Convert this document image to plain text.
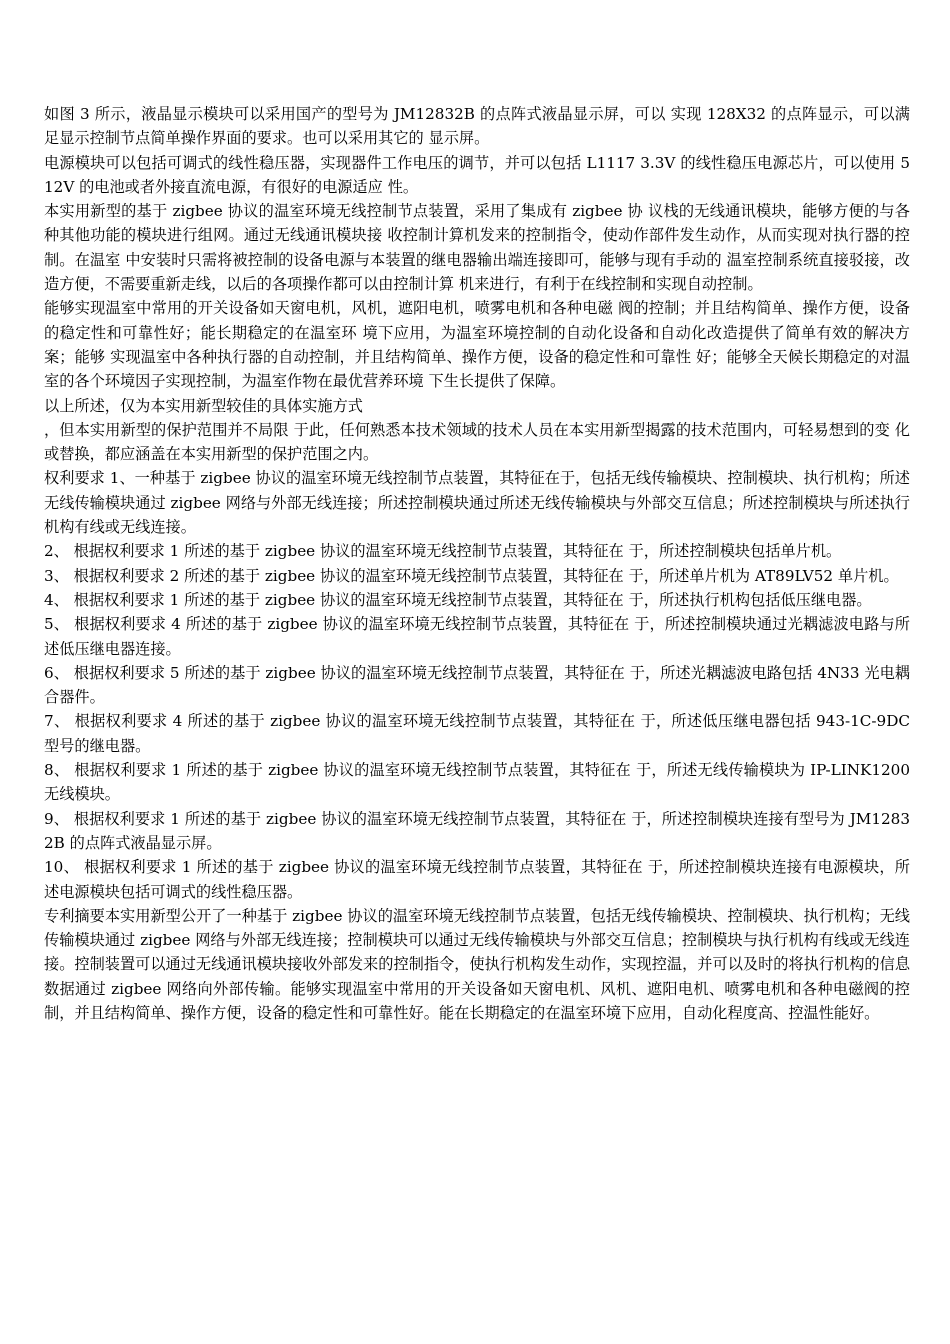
如图 3 所示，液晶显示模块可以采用国产的型号为 JM12832B 的点阵式液晶显示屏，可以 实现 128X32 的点阵显示，可以满足显示控制节点简单操作界面的要求。也可以采用其它的 显示屏。

电源模块可以包括可调式的线性稳压器，实现器件工作电压的调节，并可以包括 L1117 3.3V 的线性稳压电源芯片，可以使用 5 12V 的电池或者外接直流电源，有很好的电源适应 性。

本实用新型的基于 zigbee 协议的温室环境无线控制节点装置，采用了集成有 zigbee 协 议栈的无线通讯模块，能够方便的与各种其他功能的模块进行组网。通过无线通讯模块接 收控制计算机发来的控制指令，使动作部件发生动作，从而实现对执行器的控制。在温室 中安装时只需将被控制的设备电源与本装置的继电器输出端连接即可，能够与现有手动的 温室控制系统直接驳接，改造方便，不需要重新走线，以后的各项操作都可以由控制计算 机来进行，有利于在线控制和实现自动控制。

能够实现温室中常用的开关设备如天窗电机，风机，遮阳电机，喷雾电机和各种电磁 阀的控制；并且结构简单、操作方便，设备的稳定性和可靠性好；能长期稳定的在温室环 境下应用，为温室环境控制的自动化设备和自动化改造提供了简单有效的解决方案；能够 实现温室中各种执行器的自动控制，并且结构简单、操作方便，设备的稳定性和可靠性 好；能够全天候长期稳定的对温室的各个环境因子实现控制，为温室作物在最优营养环境 下生长提供了保障。

以上所述，仅为本实用新型较佳的具体实施方式

，但本实用新型的保护范围并不局限 于此，任何熟悉本技术领域的技术人员在本实用新型揭露的技术范围内，可轻易想到的变 化或替换，都应涵盖在本实用新型的保护范围之内。

权利要求 1、一种基于 zigbee 协议的温室环境无线控制节点装置，其特征在于，包括无线传输模块、控制模块、执行机构；所述无线传输模块通过 zigbee 网络与外部无线连接；所述控制模块通过所述无线传输模块与外部交互信息；所述控制模块与所述执行机构有线或无线连接。

2、 根据权利要求 1 所述的基于 zigbee 协议的温室环境无线控制节点装置，其特征在 于，所述控制模块包括单片机。

3、 根据权利要求 2 所述的基于 zigbee 协议的温室环境无线控制节点装置，其特征在 于，所述单片机为 AT89LV52 单片机。

4、 根据权利要求 1 所述的基于 zigbee 协议的温室环境无线控制节点装置，其特征在 于，所述执行机构包括低压继电器。

5、 根据权利要求 4 所述的基于 zigbee 协议的温室环境无线控制节点装置，其特征在 于，所述控制模块通过光耦滤波电路与所述低压继电器连接。

6、 根据权利要求 5 所述的基于 zigbee 协议的温室环境无线控制节点装置，其特征在 于，所述光耦滤波电路包括 4N33 光电耦合器件。

7、 根据权利要求 4 所述的基于 zigbee 协议的温室环境无线控制节点装置，其特征在 于，所述低压继电器包括 943-1C-9DC 型号的继电器。

8、 根据权利要求 1 所述的基于 zigbee 协议的温室环境无线控制节点装置，其特征在 于，所述无线传输模块为 IP-LINK1200 无线模块。

9、 根据权利要求 1 所述的基于 zigbee 协议的温室环境无线控制节点装置，其特征在 于，所述控制模块连接有型号为 JM12832B 的点阵式液晶显示屏。

10、 根据权利要求 1 所述的基于 zigbee 协议的温室环境无线控制节点装置，其特征在 于，所述控制模块连接有电源模块，所述电源模块包括可调式的线性稳压器。

专利摘要本实用新型公开了一种基于 zigbee 协议的温室环境无线控制节点装置，包括无线传输模块、控制模块、执行机构；无线传输模块通过 zigbee 网络与外部无线连接；控制模块可以通过无线传输模块与外部交互信息；控制模块与执行机构有线或无线连接。控制装置可以通过无线通讯模块接收外部发来的控制指令，使执行机构发生动作，实现控温，并可以及时的将执行机构的信息数据通过 zigbee 网络向外部传输。能够实现温室中常用的开关设备如天窗电机、风机、遮阳电机、喷雾电机和各种电磁阀的控制，并且结构简单、操作方便，设备的稳定性和可靠性好。能在长期稳定的在温室环境下应用，自动化程度高、控温性能好。
